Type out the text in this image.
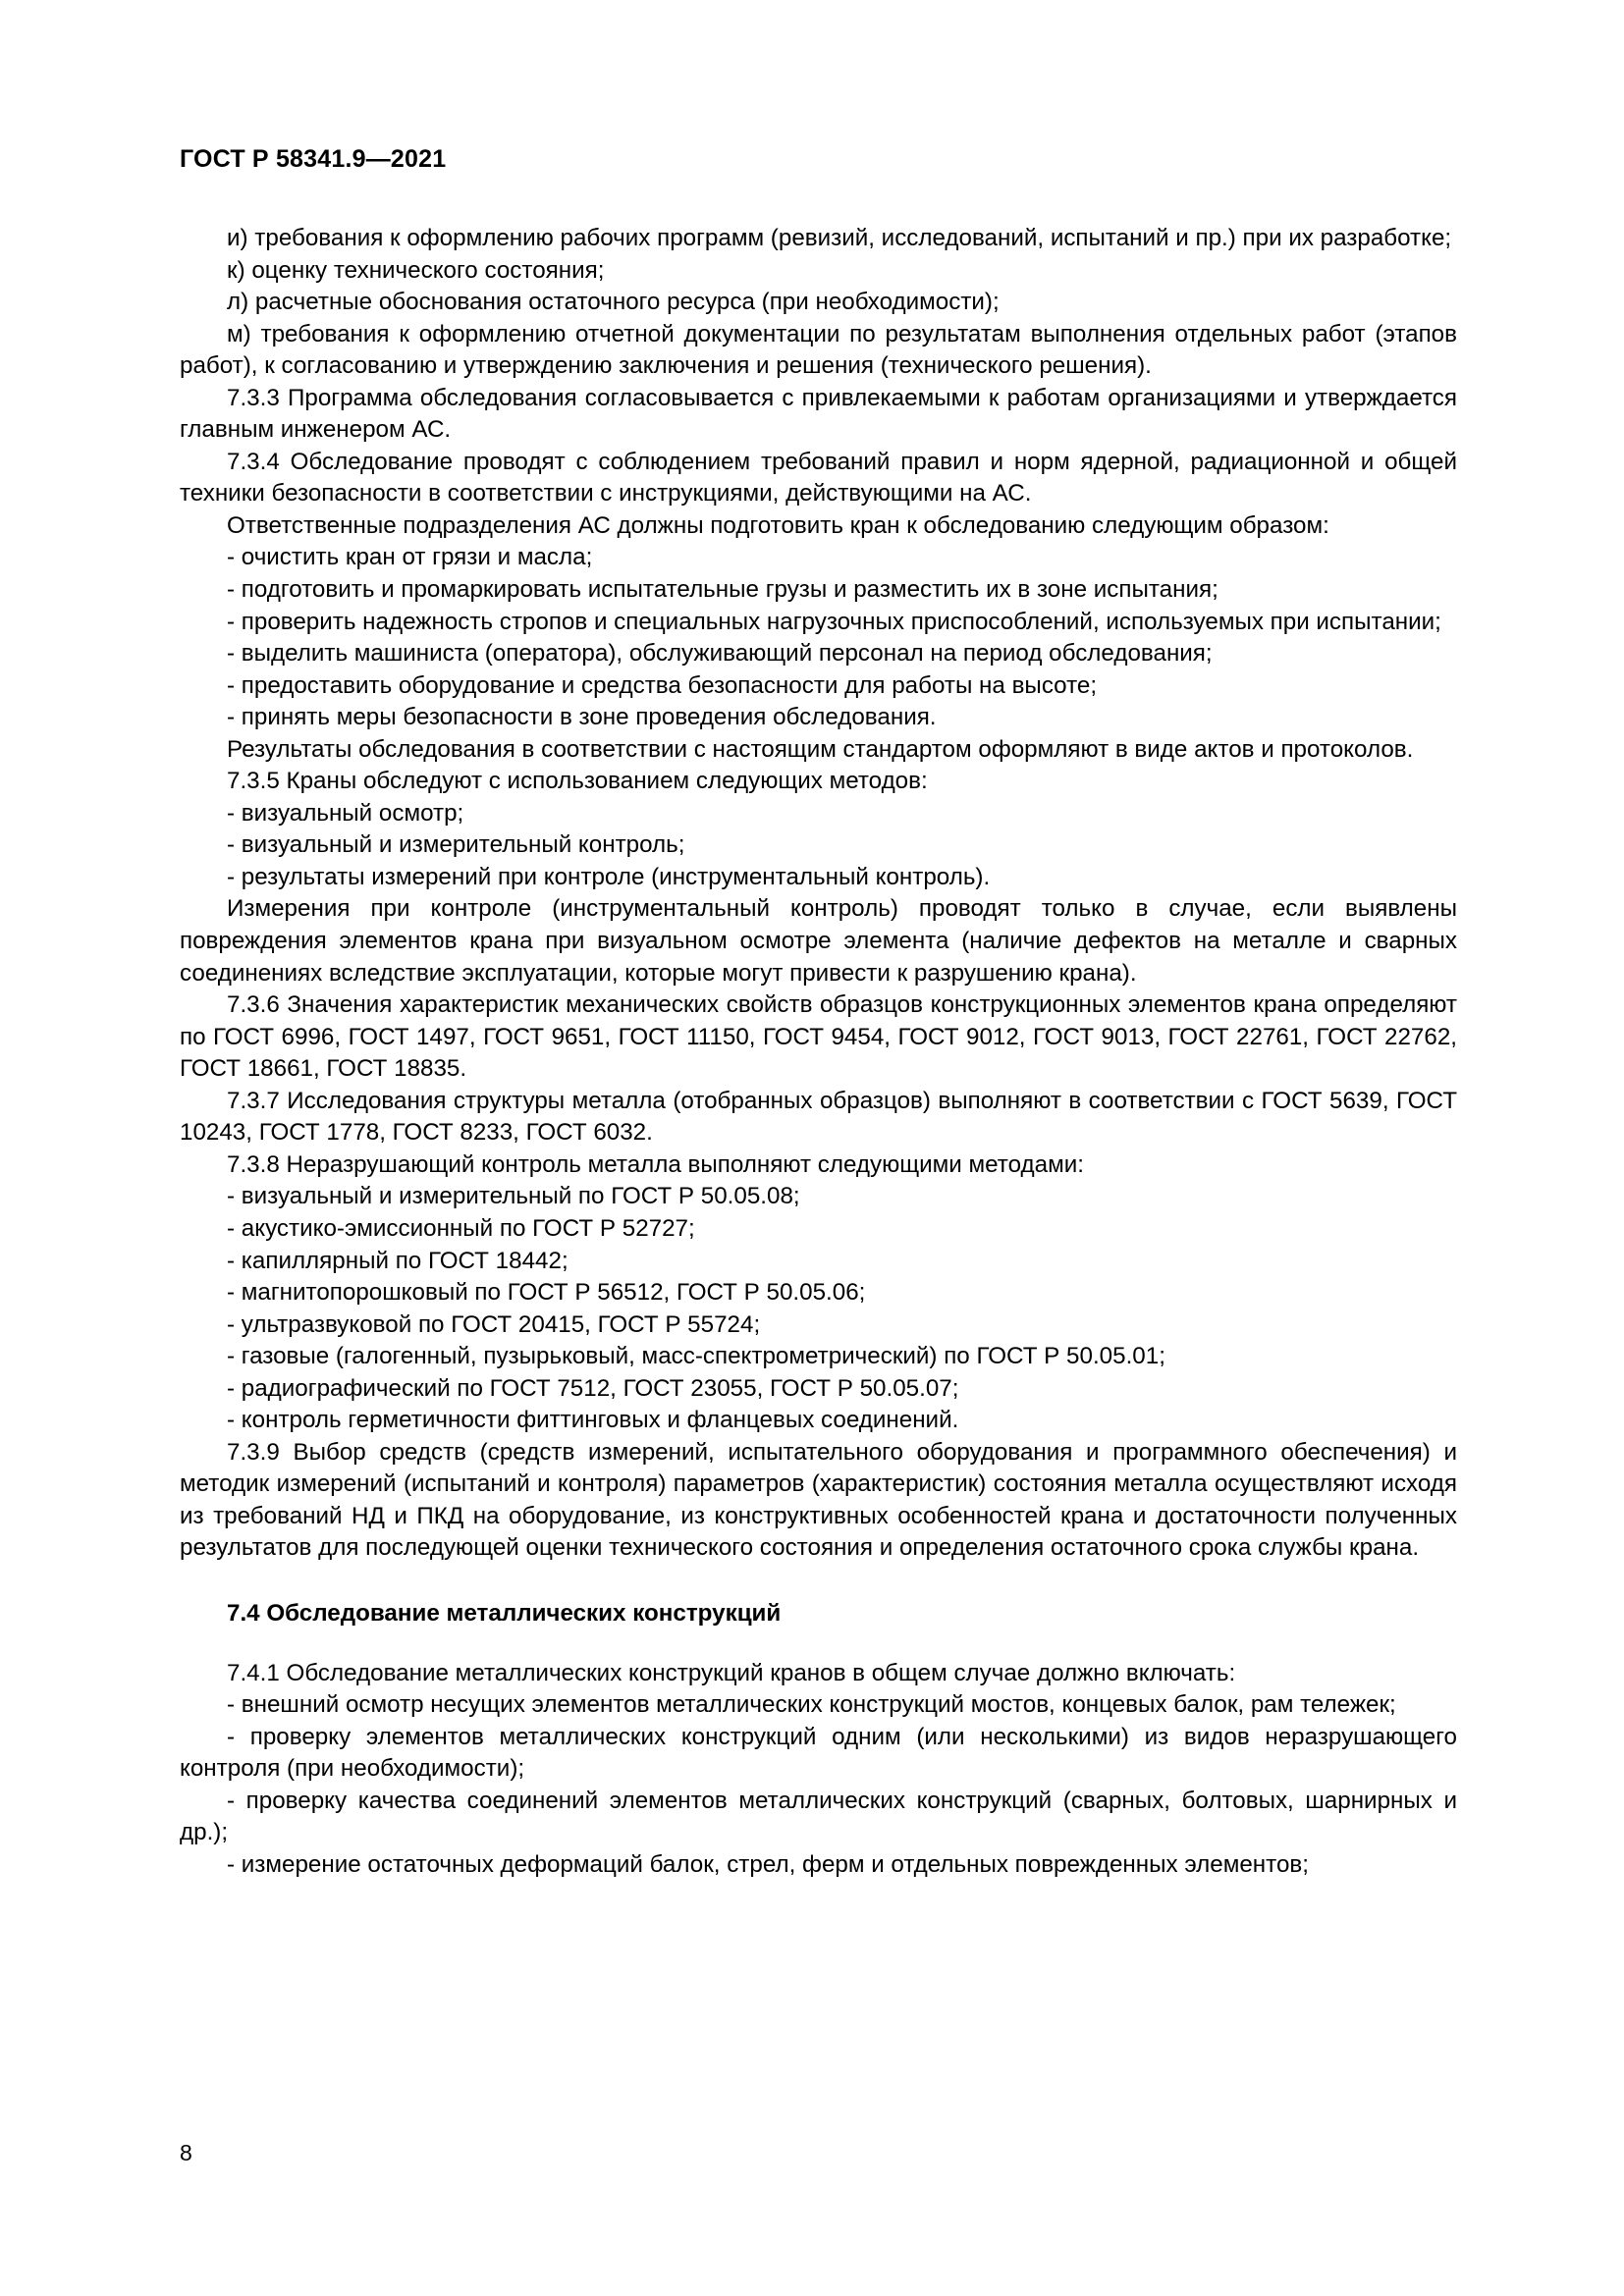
ГОСТ Р 58341.9—2021

и) требования к оформлению рабочих программ (ревизий, исследований, испытаний и пр.) при их разработке;

к) оценку технического состояния;

л) расчетные обоснования остаточного ресурса (при необходимости);

м) требования к оформлению отчетной документации по результатам выполнения отдельных работ (этапов работ), к согласованию и утверждению заключения и решения (технического решения).

7.3.3 Программа обследования согласовывается с привлекаемыми к работам организациями и утверждается главным инженером АС.

7.3.4 Обследование проводят с соблюдением требований правил и норм ядерной, радиационной и общей техники безопасности в соответствии с инструкциями, действующими на АС.

Ответственные подразделения АС должны подготовить кран к обследованию следующим образом:

- очистить кран от грязи и масла;

- подготовить и промаркировать испытательные грузы и разместить их в зоне испытания;

- проверить надежность стропов и специальных нагрузочных приспособлений, используемых при испытании;

- выделить машиниста (оператора), обслуживающий персонал на период обследования;

- предоставить оборудование и средства безопасности для работы на высоте;

- принять меры безопасности в зоне проведения обследования.

Результаты обследования в соответствии с настоящим стандартом оформляют в виде актов и протоколов.

7.3.5 Краны обследуют с использованием следующих методов:

- визуальный осмотр;

- визуальный и измерительный контроль;

- результаты измерений при контроле (инструментальный контроль).

Измерения при контроле (инструментальный контроль) проводят только в случае, если выявлены повреждения элементов крана при визуальном осмотре элемента (наличие дефектов на металле и сварных соединениях вследствие эксплуатации, которые могут привести к разрушению крана).

7.3.6 Значения характеристик механических свойств образцов конструкционных элементов крана определяют по ГОСТ 6996, ГОСТ 1497, ГОСТ 9651, ГОСТ 11150, ГОСТ 9454, ГОСТ 9012, ГОСТ 9013, ГОСТ 22761, ГОСТ 22762, ГОСТ 18661, ГОСТ 18835.

7.3.7 Исследования структуры металла (отобранных образцов) выполняют в соответствии с ГОСТ 5639, ГОСТ 10243, ГОСТ 1778, ГОСТ 8233, ГОСТ 6032.

7.3.8 Неразрушающий контроль металла выполняют следующими методами:

- визуальный и измерительный по ГОСТ Р 50.05.08;

- акустико-эмиссионный по ГОСТ Р 52727;

- капиллярный по ГОСТ 18442;

- магнитопорошковый по ГОСТ Р 56512, ГОСТ Р 50.05.06;

- ультразвуковой по ГОСТ 20415, ГОСТ Р 55724;

- газовые (галогенный, пузырьковый, масс-спектрометрический) по ГОСТ Р 50.05.01;

- радиографический по ГОСТ 7512, ГОСТ 23055, ГОСТ Р 50.05.07;

- контроль герметичности фиттинговых и фланцевых соединений.

7.3.9 Выбор средств (средств измерений, испытательного оборудования и программного обеспечения) и методик измерений (испытаний и контроля) параметров (характеристик) состояния металла осуществляют исходя из требований НД и ПКД на оборудование, из конструктивных особенностей крана и достаточности полученных результатов для последующей оценки технического состояния и определения остаточного срока службы крана.

7.4 Обследование металлических конструкций

7.4.1 Обследование металлических конструкций кранов в общем случае должно включать:

- внешний осмотр несущих элементов металлических конструкций мостов, концевых балок, рам тележек;

- проверку элементов металлических конструкций одним (или несколькими) из видов неразрушающего контроля (при необходимости);

- проверку качества соединений элементов металлических конструкций (сварных, болтовых, шарнирных и др.);

- измерение остаточных деформаций балок, стрел, ферм и отдельных поврежденных элементов;

8
